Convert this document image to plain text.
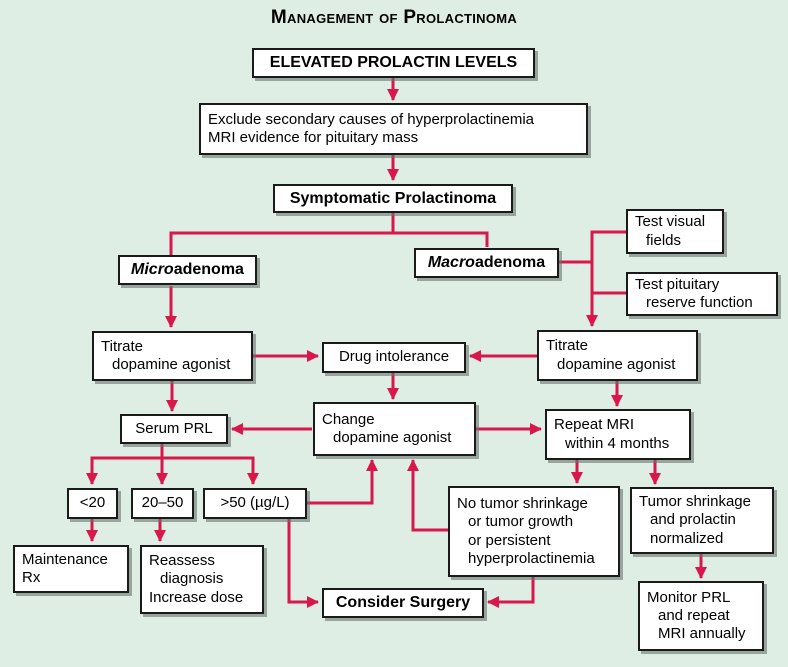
Management of Prolactinoma
ELEVATED PROLACTIN LEVELS
Exclude secondary causes of hyperprolactinemia
MRI evidence for pituitary mass
Symptomatic Prolactinoma
Microadenoma	Macroadenoma
Test visual
fields
Test pituitary
reserve function
Titrate
dopamine agonist	Drug intolerance
Titrate
dopamine agonist
Serum PRL
Change
dopamine agonist
Repeat MRI
within 4 months
<20 20–50 >50 (µg/L)
Maintenance
Rx
Reassess
diagnosis
Increase dose
No tumor shrinkage
or tumor growth
or persistent
hyperprolactinemia
Tumor shrinkage
and prolactin
normalized
Consider Surgery	Monitor PRL
and repeat
MRI annually
